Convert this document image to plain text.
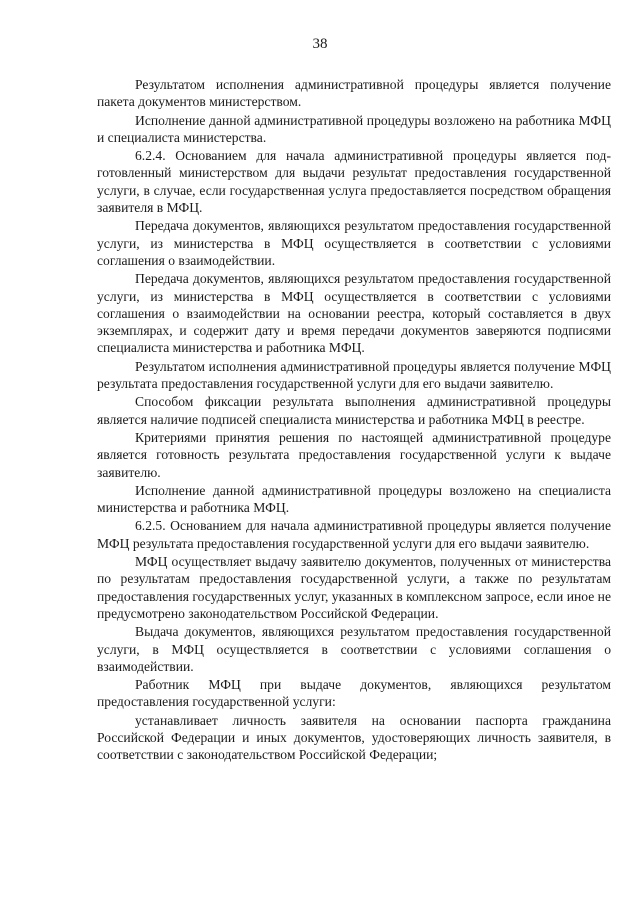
38

Результатом исполнения административной процедуры является получение пакета документов министерством.

Исполнение данной административной процедуры возложено на работника МФЦ и специалиста министерства.

6.2.4. Основанием для начала административной процедуры является под-готовленный министерством для выдачи результат предоставления государственной услуги, в случае, если государственная услуга предоставляется посредством обращения заявителя в МФЦ.

Передача документов, являющихся результатом предоставления государственной услуги, из министерства в МФЦ осуществляется в соответствии с условиями соглашения о взаимодействии.

Передача документов, являющихся результатом предоставления государственной услуги, из министерства в МФЦ осуществляется в соответствии с условиями соглашения о взаимодействии на основании реестра, который составляется в двух экземплярах, и содержит дату и время передачи документов заверяются подписями специалиста министерства и работника МФЦ.

Результатом исполнения административной процедуры является получение МФЦ результата предоставления государственной услуги для его выдачи заявителю.

Способом фиксации результата выполнения административной процедуры является наличие подписей специалиста министерства и работника МФЦ в реестре.

Критериями принятия решения по настоящей административной процедуре является готовность результата предоставления государственной услуги к выдаче заявителю.

Исполнение данной административной процедуры возложено на специалиста министерства и работника МФЦ.

6.2.5. Основанием для начала административной процедуры является получение МФЦ результата предоставления государственной услуги для его выдачи заявителю.

МФЦ осуществляет выдачу заявителю документов, полученных от министерства по результатам предоставления государственной услуги, а также по результатам предоставления государственных услуг, указанных в комплексном запросе, если иное не предусмотрено законодательством Российской Федерации.

Выдача документов, являющихся результатом предоставления государственной услуги, в МФЦ осуществляется в соответствии с условиями соглашения о взаимодействии.

Работник МФЦ при выдаче документов, являющихся результатом предоставления государственной услуги:

устанавливает личность заявителя на основании паспорта гражданина Российской Федерации и иных документов, удостоверяющих личность заявителя, в соответствии с законодательством Российской Федерации;
